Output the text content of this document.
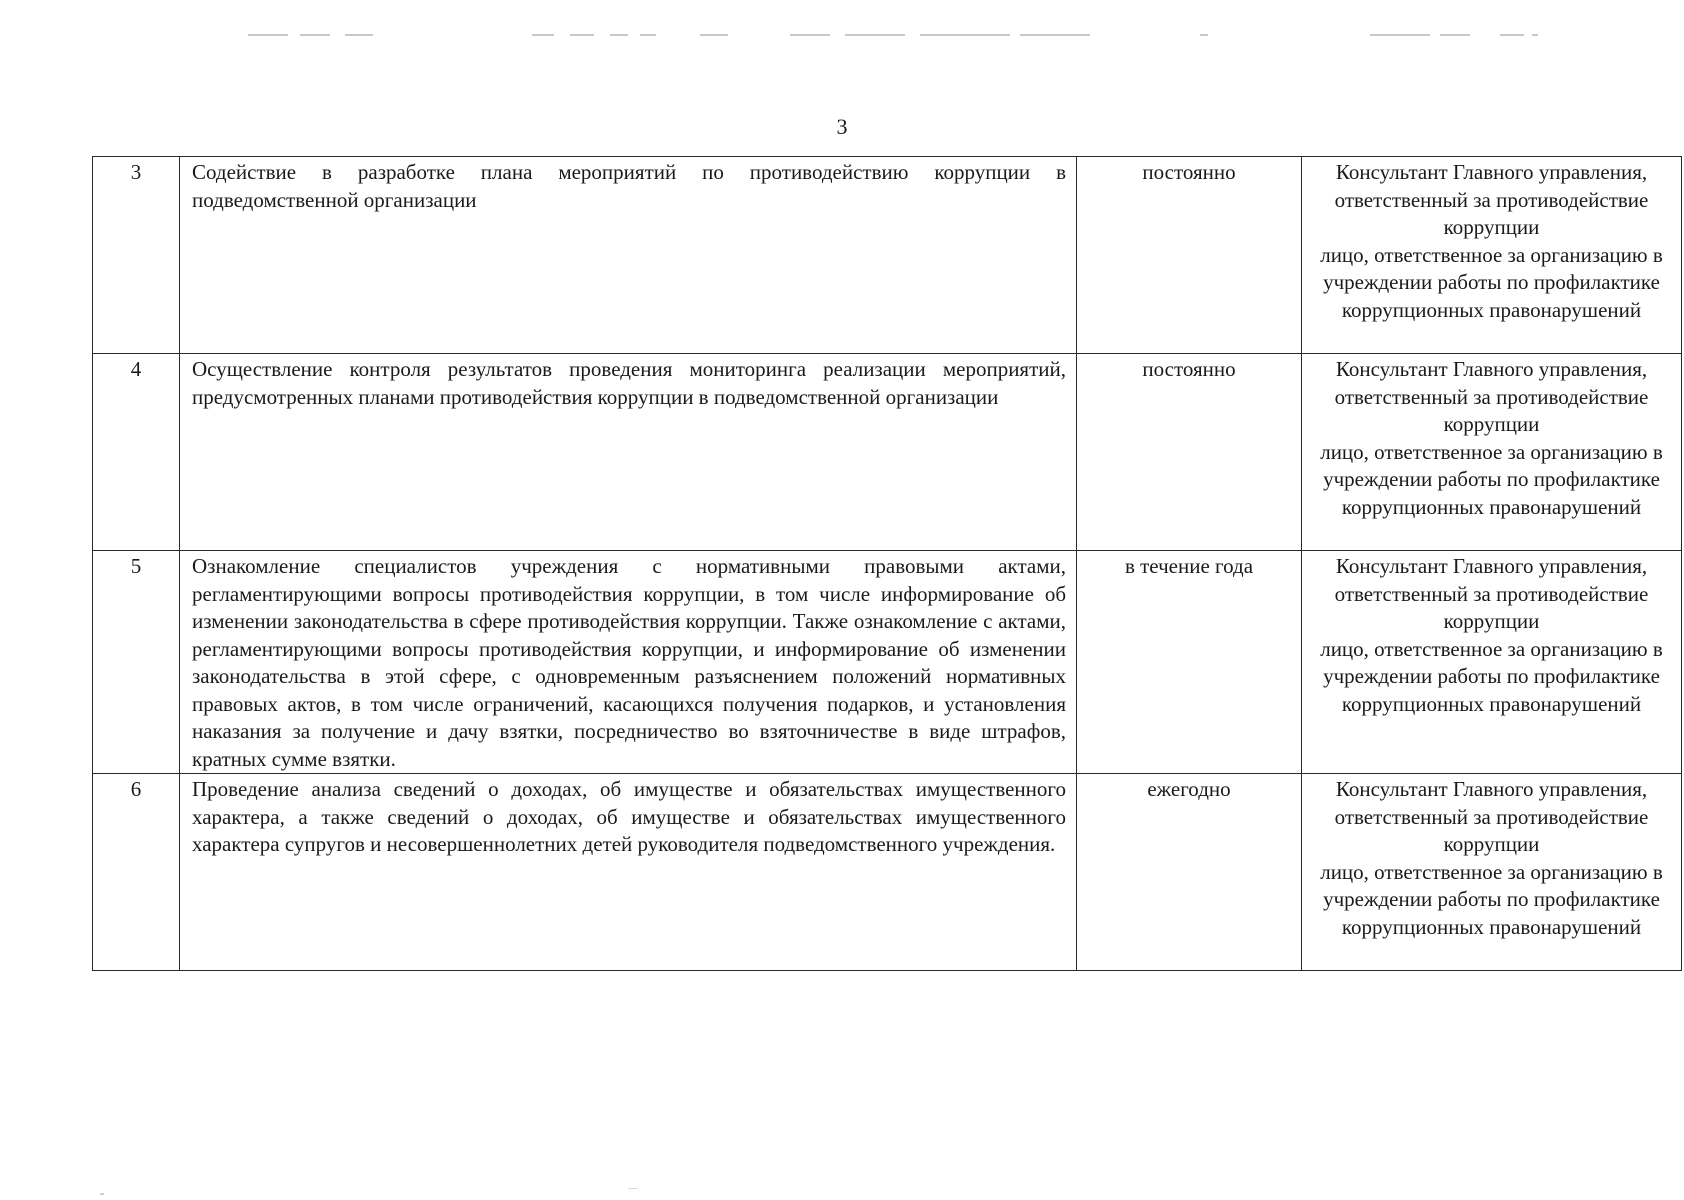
3
3	Содействие в разработке плана мероприятий по противодействию коррупции в подведомственной организации	постоянно	Консультант Главного управления, ответственный за противодействие коррупции
лицо, ответственное за организацию в учреждении работы по профилактике коррупционных правонарушений

4	Осуществление контроля результатов проведения мониторинга реализации мероприятий, предусмотренных планами противодействия коррупции в подведомственной организации	постоянно	Консультант Главного управления, ответственный за противодействие коррупции
лицо, ответственное за организацию в учреждении работы по профилактике коррупционных правонарушений

5	Ознакомление специалистов учреждения с нормативными правовыми актами, регламентирующими вопросы противодействия коррупции, в том числе информирование об изменении законодательства в сфере противодействия коррупции. Также ознакомление с актами, регламентирующими вопросы противодействия коррупции, и информирование об изменении законодательства в этой сфере, с одновременным разъяснением положений нормативных правовых актов, в том числе ограничений, касающихся получения подарков, и установления наказания за получение и дачу взятки, посредничество во взяточничестве в виде штрафов, кратных сумме взятки.	в течение года	Консультант Главного управления, ответственный за противодействие коррупции
лицо, ответственное за организацию в учреждении работы по профилактике коррупционных правонарушений

6	Проведение анализа сведений о доходах, об имуществе и обязательствах имущественного характера, а также сведений о доходах, об имуществе и обязательствах имущественного характера супругов и несовершеннолетних детей руководителя подведомственного учреждения.	ежегодно	Консультант Главного управления, ответственный за противодействие коррупции
лицо, ответственное за организацию в учреждении работы по профилактике коррупционных правонарушений
